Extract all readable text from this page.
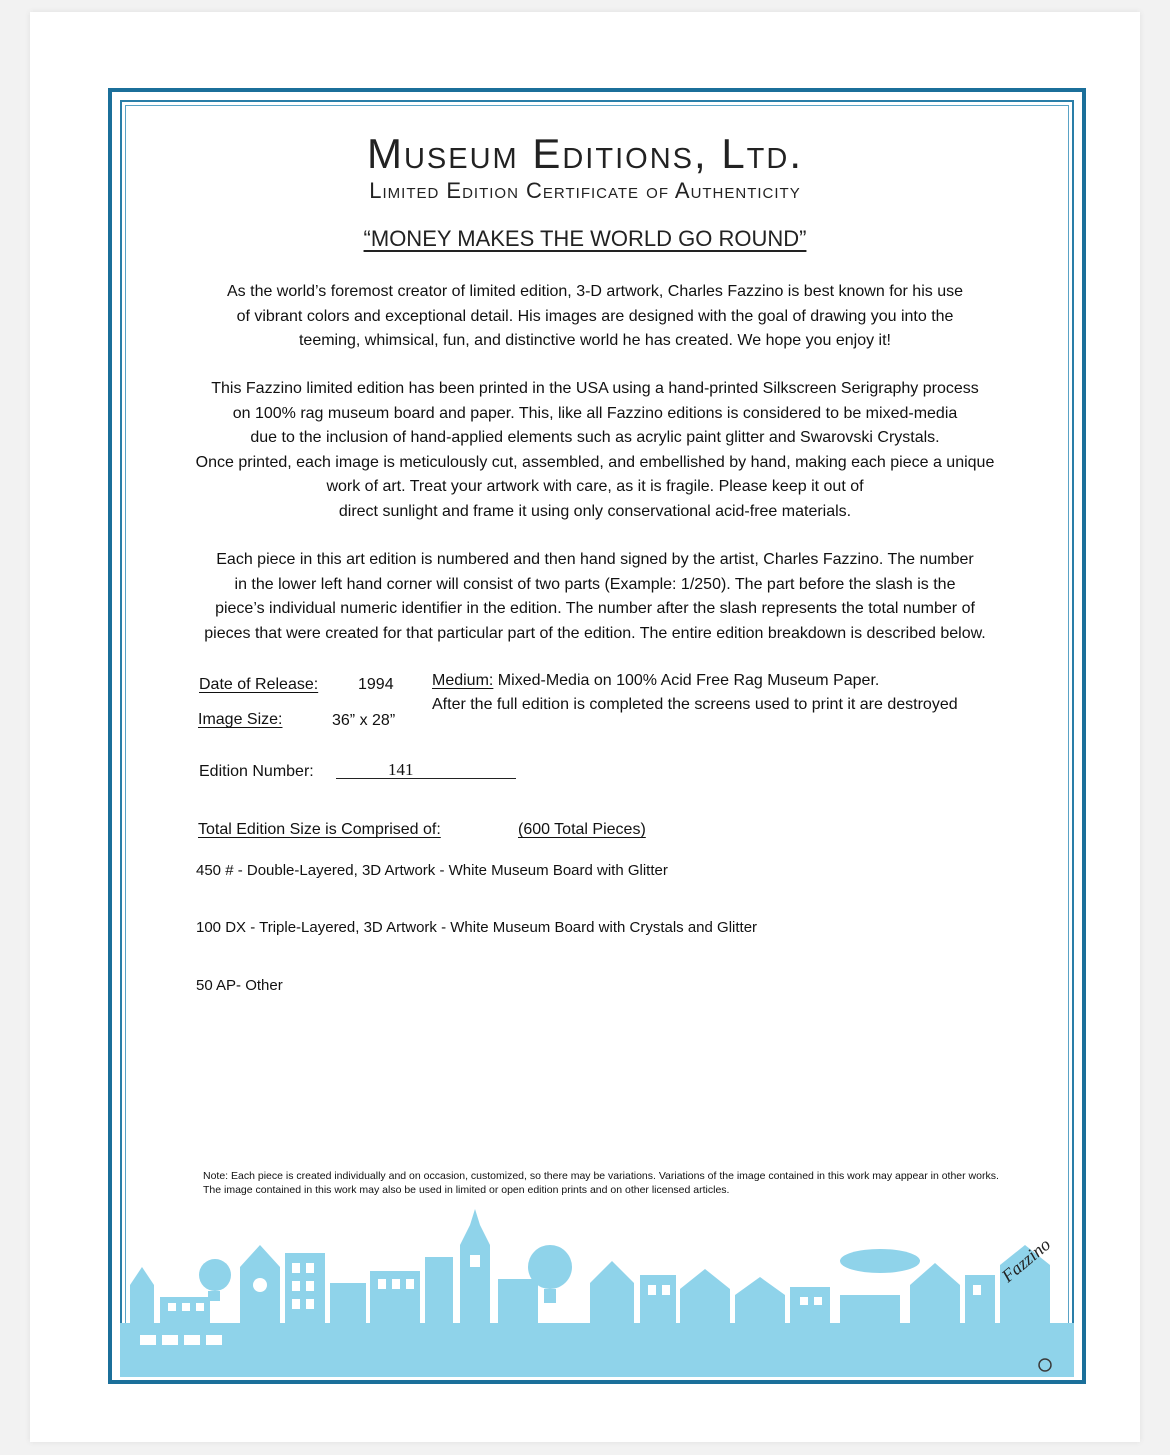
Museum Editions, Ltd.
Limited Edition Certificate of Authenticity
“MONEY MAKES THE WORLD GO ROUND”
As the world’s foremost creator of limited edition, 3-D artwork, Charles Fazzino is best known for his use
of vibrant colors and exceptional detail. His images are designed with the goal of drawing you into the
teeming, whimsical, fun, and distinctive world he has created. We hope you enjoy it!
This Fazzino limited edition has been printed in the USA using a hand-printed Silkscreen Serigraphy process
on 100% rag museum board and paper. This, like all Fazzino editions is considered to be mixed-media
due to the inclusion of hand-applied elements such as acrylic paint glitter and Swarovski Crystals.
Once printed, each image is meticulously cut, assembled, and embellished by hand, making each piece a unique
work of art. Treat your artwork with care, as it is fragile. Please keep it out of
direct sunlight and frame it using only conservational acid-free materials.
Each piece in this art edition is numbered and then hand signed by the artist, Charles Fazzino. The number
in the lower left hand corner will consist of two parts (Example: 1/250). The part before the slash is the
piece’s individual numeric identifier in the edition. The number after the slash represents the total number of
pieces that were created for that particular part of the edition. The entire edition breakdown is described below.
Date of Release: 1994
Image Size:	36” x 28”
Medium: Mixed-Media on 100% Acid Free Rag Museum Paper.
After the full edition is completed the screens used to print it are destroyed
Edition Number:	141
Total Edition Size is Comprised of:	(600 Total Pieces)
450 # - Double-Layered, 3D Artwork - White Museum Board with Glitter
100 DX - Triple-Layered, 3D Artwork - White Museum Board with Crystals and Glitter
50 AP- Other
Note: Each piece is created individually and on occasion, customized, so there may be variations. Variations of the image contained in this work may appear in other works. The image contained in this work may also be used in limited or open edition prints and on other licensed articles.
Fazzino
